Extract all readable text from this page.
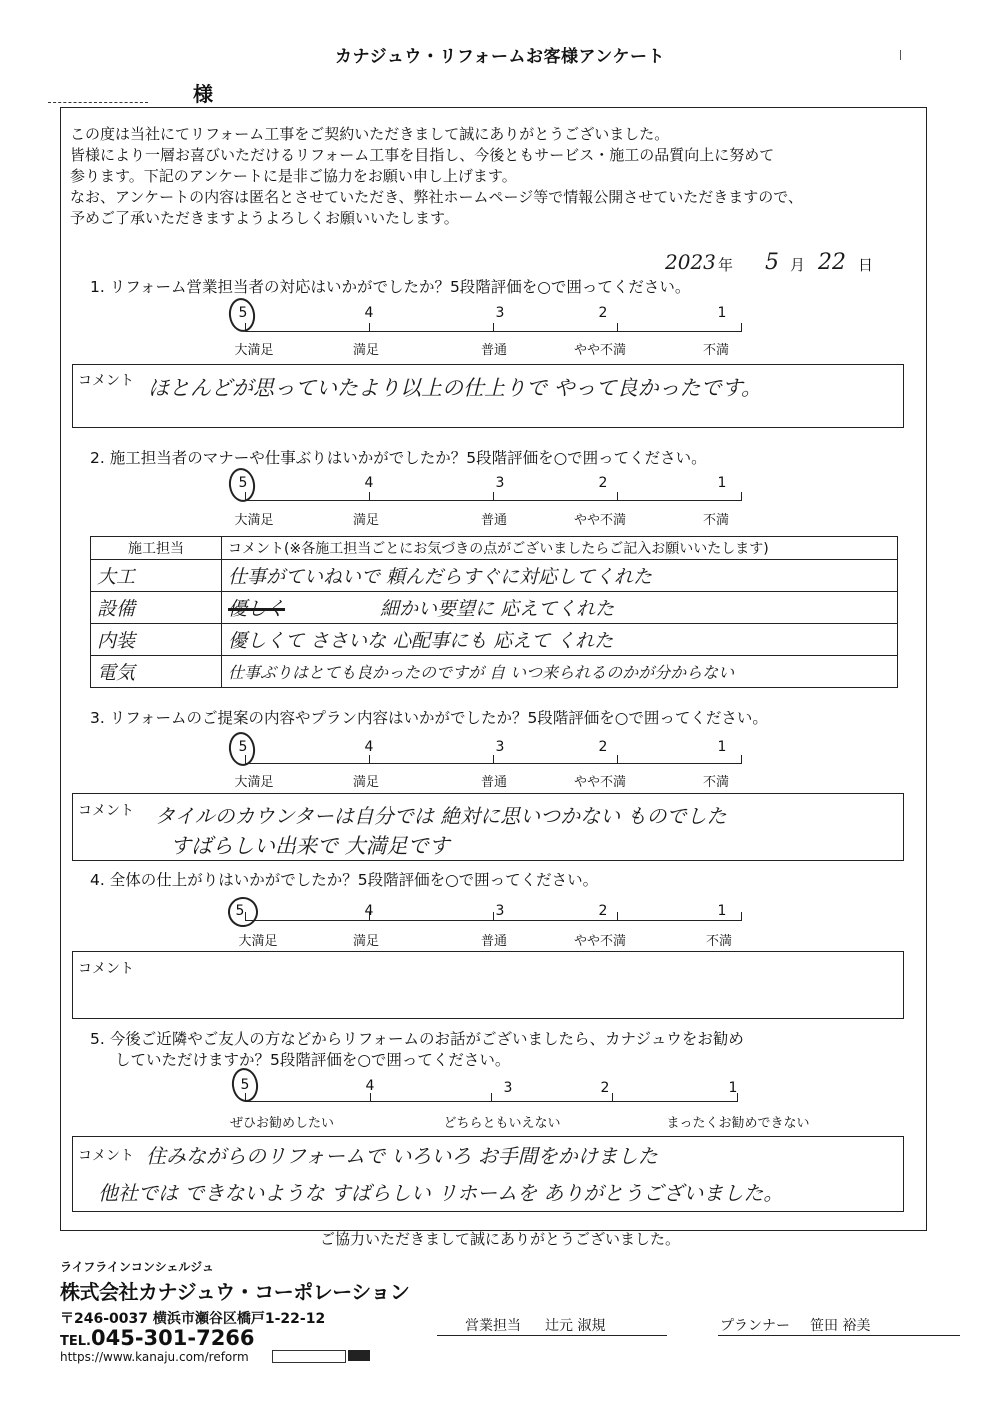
カナジュウ・リフォームお客様アンケート
様
この度は当社にてリフォーム工事をご契約いただきまして誠にありがとうございました。
皆様により一層お喜びいただけるリフォーム工事を目指し、今後ともサービス・施工の品質向上に努めて
参ります。下記のアンケートに是非ご協力をお願い申し上げます。
なお、アンケートの内容は匿名とさせていただき、弊社ホームページ等で情報公開させていただきますので、
予めご了承いただきますようよろしくお願いいたします。
2023 年 5 月 22 日
1. リフォーム営業担当者の対応はいかがでしたか？5段階評価を○で囲ってください。
5	4	3	2	1
大満足	満足	普通	やや不満	不満
コメント ほとんどが思っていたより以上の仕上りで やって良かったです。
2. 施工担当者のマナーや仕事ぶりはいかがでしたか？5段階評価を○で囲ってください。
5	4	3	2	1
大満足	満足	普通	やや不満	不満
施工担当	コメント(※各施工担当ごとにお気づきの点がございましたらご記入お願いいたします)
大工	仕事がていねいで 頼んだらすぐに対応してくれた
設備	優しく　　　　　 細かい要望に 応えてくれた
内装	優しくて ささいな 心配事にも 応えて くれた
電気	仕事ぶりはとても良かったのですが 自 いつ来られるのかが分からない
3. リフォームのご提案の内容やプラン内容はいかがでしたか？5段階評価を○で囲ってください。
5	4	3	2	1
大満足	満足	普通	やや不満	不満
コメント タイルのカウンターは自分では 絶対に思いつかない ものでした
すばらしい出来で 大満足です
4. 全体の仕上がりはいかがでしたか？5段階評価を○で囲ってください。
5	4	3	2	1
大満足	満足	普通	やや不満	不満
コメント
5. 今後ご近隣やご友人の方などからリフォームのお話がございましたら、カナジュウをお勧め
していただけますか？5段階評価を○で囲ってください。
5	4	3	2	1
ぜひお勧めしたい	どちらともいえない	まったくお勧めできない
コメント 住みながらのリフォームで いろいろ お手間をかけました
他社では できないような すばらしい リホームを ありがとうございました。
ご協力いただきまして誠にありがとうございました。
ライフラインコンシェルジュ
株式会社カナジュウ・コーポレーション
〒246-0037 横浜市瀬谷区橋戸1-22-12
TEL.045-301-7266
https://www.kanaju.com/reform
営業担当 辻元 淑規	プランナー 笹田 裕美
